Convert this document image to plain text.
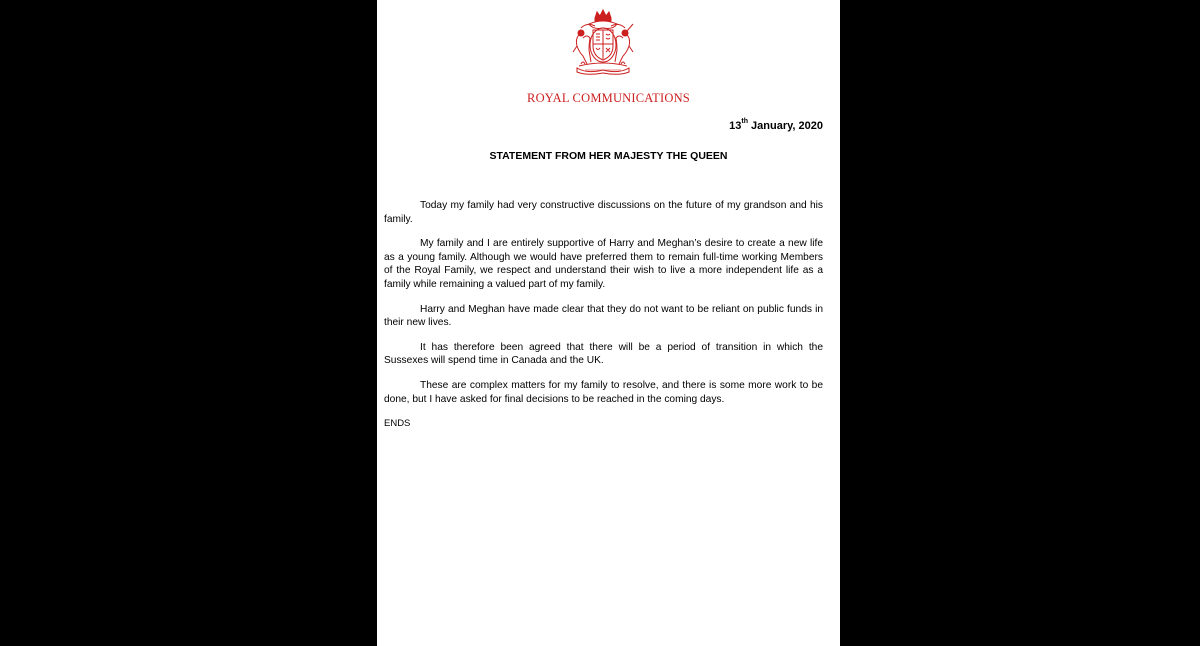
ROYAL COMMUNICATIONS
13th January, 2020
STATEMENT FROM HER MAJESTY THE QUEEN

Today my family had very constructive discussions on the future of my grandson and his family.

My family and I are entirely supportive of Harry and Meghan’s desire to create a new life as a young family. Although we would have preferred them to remain full-time working Members of the Royal Family, we respect and understand their wish to live a more independent life as a family while remaining a valued part of my family.

Harry and Meghan have made clear that they do not want to be reliant on public funds in their new lives.

It has therefore been agreed that there will be a period of transition in which the Sussexes will spend time in Canada and the UK.

These are complex matters for my family to resolve, and there is some more work to be done, but I have asked for final decisions to be reached in the coming days.

ENDS
